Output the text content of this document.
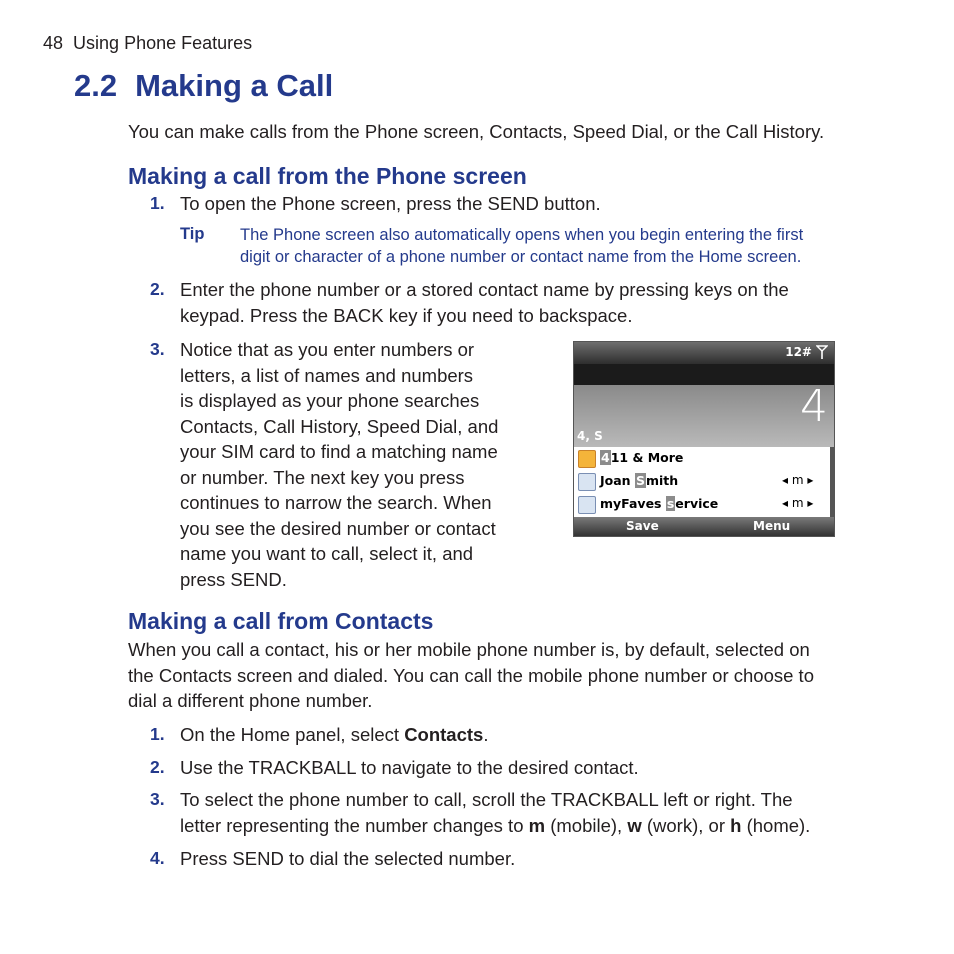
48 Using Phone Features
2.2 Making a Call
You can make calls from the Phone screen, Contacts, Speed Dial, or the Call History.
Making a call from the Phone screen
1. To open the Phone screen, press the SEND button.
Tip The Phone screen also automatically opens when you begin entering the first
digit or character of a phone number or contact name from the Home screen.
2. Enter the phone number or a stored contact name by pressing keys on the
keypad. Press the BACK key if you need to backspace.
3. Notice that as you enter numbers or
letters, a list of names and numbers
is displayed as your phone searches
Contacts, Call History, Speed Dial, and
your SIM card to find a matching name
or number. The next key you press
continues to narrow the search. When
you see the desired number or contact
name you want to call, select it, and
press SEND.
12#
4
4, S
411 & More
Joan Smith	◂ m ▸
myFaves service	◂ m ▸
Save	Menu
Making a call from Contacts
When you call a contact, his or her mobile phone number is, by default, selected on
the Contacts screen and dialed. You can call the mobile phone number or choose to
dial a different phone number.
1. On the Home panel, select Contacts.
2. Use the TRACKBALL to navigate to the desired contact.
3. To select the phone number to call, scroll the TRACKBALL left or right. The
letter representing the number changes to m (mobile), w (work), or h (home).
4. Press SEND to dial the selected number.
